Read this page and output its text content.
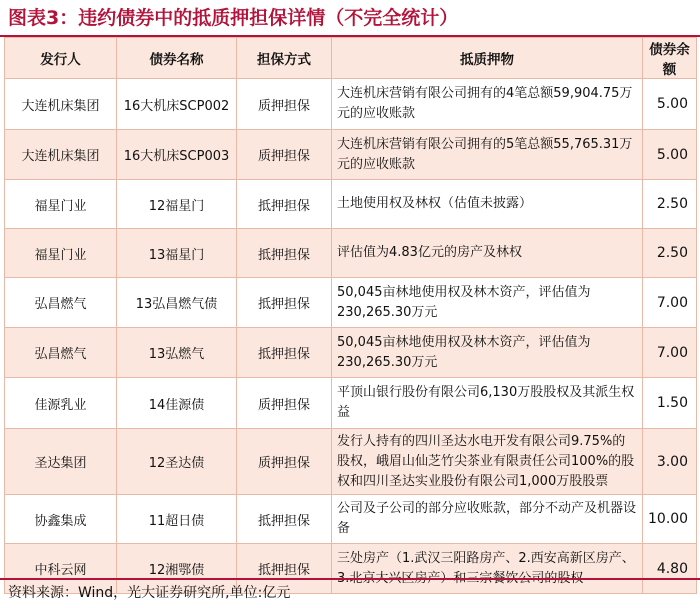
图表3：违约债券中的抵质押担保详情（不完全统计）
发行人	债券名称	担保方式	抵质押物	债券余额
大连机床集团	16大机床SCP002	质押担保	大连机床营销有限公司拥有的4笔总额59,904.75万元的应收账款	5.00
大连机床集团	16大机床SCP003	质押担保	大连机床营销有限公司拥有的5笔总额55,765.31万元的应收账款	5.00
福星门业	12福星门	抵押担保	土地使用权及林权（估值未披露）	2.50
福星门业	13福星门	抵押担保	评估值为4.83亿元的房产及林权	2.50
弘昌燃气	13弘昌燃气债	抵押担保	50,045亩林地使用权及林木资产，评估值为230,265.30万元	7.00
弘昌燃气	13弘燃气	抵押担保	50,045亩林地使用权及林木资产，评估值为230,265.30万元	7.00
佳源乳业	14佳源债	质押担保	平顶山银行股份有限公司6,130万股股权及其派生权益	1.50
圣达集团	12圣达债	质押担保	发行人持有的四川圣达水电开发有限公司9.75%的股权，峨眉山仙芝竹尖茶业有限责任公司100%的股权和四川圣达实业股份有限公司1,000万股股票	3.00
协鑫集成	11超日债	抵押担保	公司及子公司的部分应收账款，部分不动产及机器设备	10.00
中科云网	12湘鄂债	抵押担保	三处房产（1.武汉三阳路房产、2.西安高新区房产、	4.80
资料来源：Wind，光大证券研究所,单位:亿元
